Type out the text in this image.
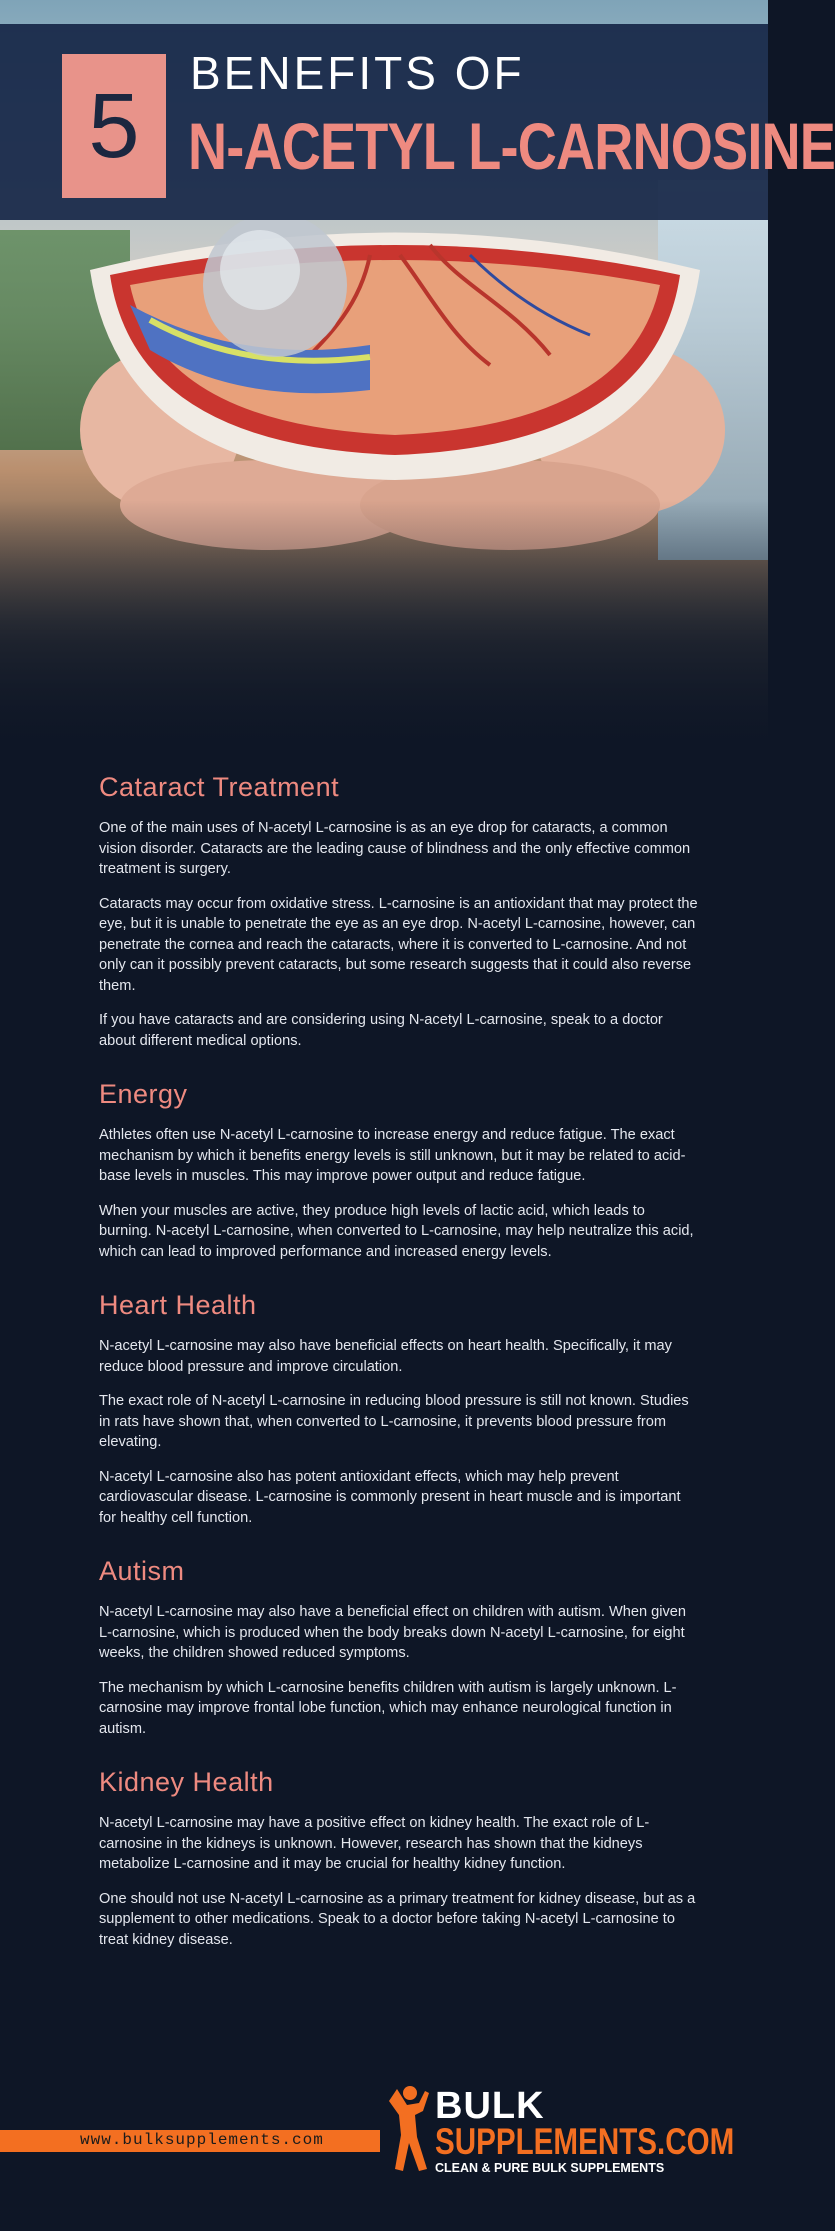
5
BENEFITS OF
N-ACETYL L-CARNOSINE
Cataract Treatment

One of the main uses of N-acetyl L-carnosine is as an eye drop for cataracts, a common vision disorder. Cataracts are the leading cause of blindness and the only effective common treatment is surgery.

Cataracts may occur from oxidative stress. L-carnosine is an antioxidant that may protect the eye, but it is unable to penetrate the eye as an eye drop. N-acetyl L-carnosine, however, can penetrate the cornea and reach the cataracts, where it is converted to L-carnosine. And not only can it possibly prevent cataracts, but some research suggests that it could also reverse them.

If you have cataracts and are considering using N-acetyl L-carnosine, speak to a doctor about different medical options.

Energy

Athletes often use N-acetyl L-carnosine to increase energy and reduce fatigue. The exact mechanism by which it benefits energy levels is still unknown, but it may be related to acid-base levels in muscles. This may improve power output and reduce fatigue.

When your muscles are active, they produce high levels of lactic acid, which leads to burning. N-acetyl L-carnosine, when converted to L-carnosine, may help neutralize this acid, which can lead to improved performance and increased energy levels.

Heart Health

N-acetyl L-carnosine may also have beneficial effects on heart health. Specifically, it may reduce blood pressure and improve circulation.

The exact role of N-acetyl L-carnosine in reducing blood pressure is still not known. Studies in rats have shown that, when converted to L-carnosine, it prevents blood pressure from elevating.

N-acetyl L-carnosine also has potent antioxidant effects, which may help prevent cardiovascular disease. L-carnosine is commonly present in heart muscle and is important for healthy cell function.

Autism

N-acetyl L-carnosine may also have a beneficial effect on children with autism. When given L-carnosine, which is produced when the body breaks down N-acetyl L-carnosine, for eight weeks, the children showed reduced symptoms.

The mechanism by which L-carnosine benefits children with autism is largely unknown. L-carnosine may improve frontal lobe function, which may enhance neurological function in autism.

Kidney Health

N-acetyl L-carnosine may have a positive effect on kidney health. The exact role of L-carnosine in the kidneys is unknown. However, research has shown that the kidneys metabolize L-carnosine and it may be crucial for healthy kidney function.

One should not use N-acetyl L-carnosine as a primary treatment for kidney disease, but as a supplement to other medications. Speak to a doctor before taking N-acetyl L-carnosine to treat kidney disease.

www.bulksupplements.com
BULK
SUPPLEMENTS.COM
CLEAN & PURE BULK SUPPLEMENTS
